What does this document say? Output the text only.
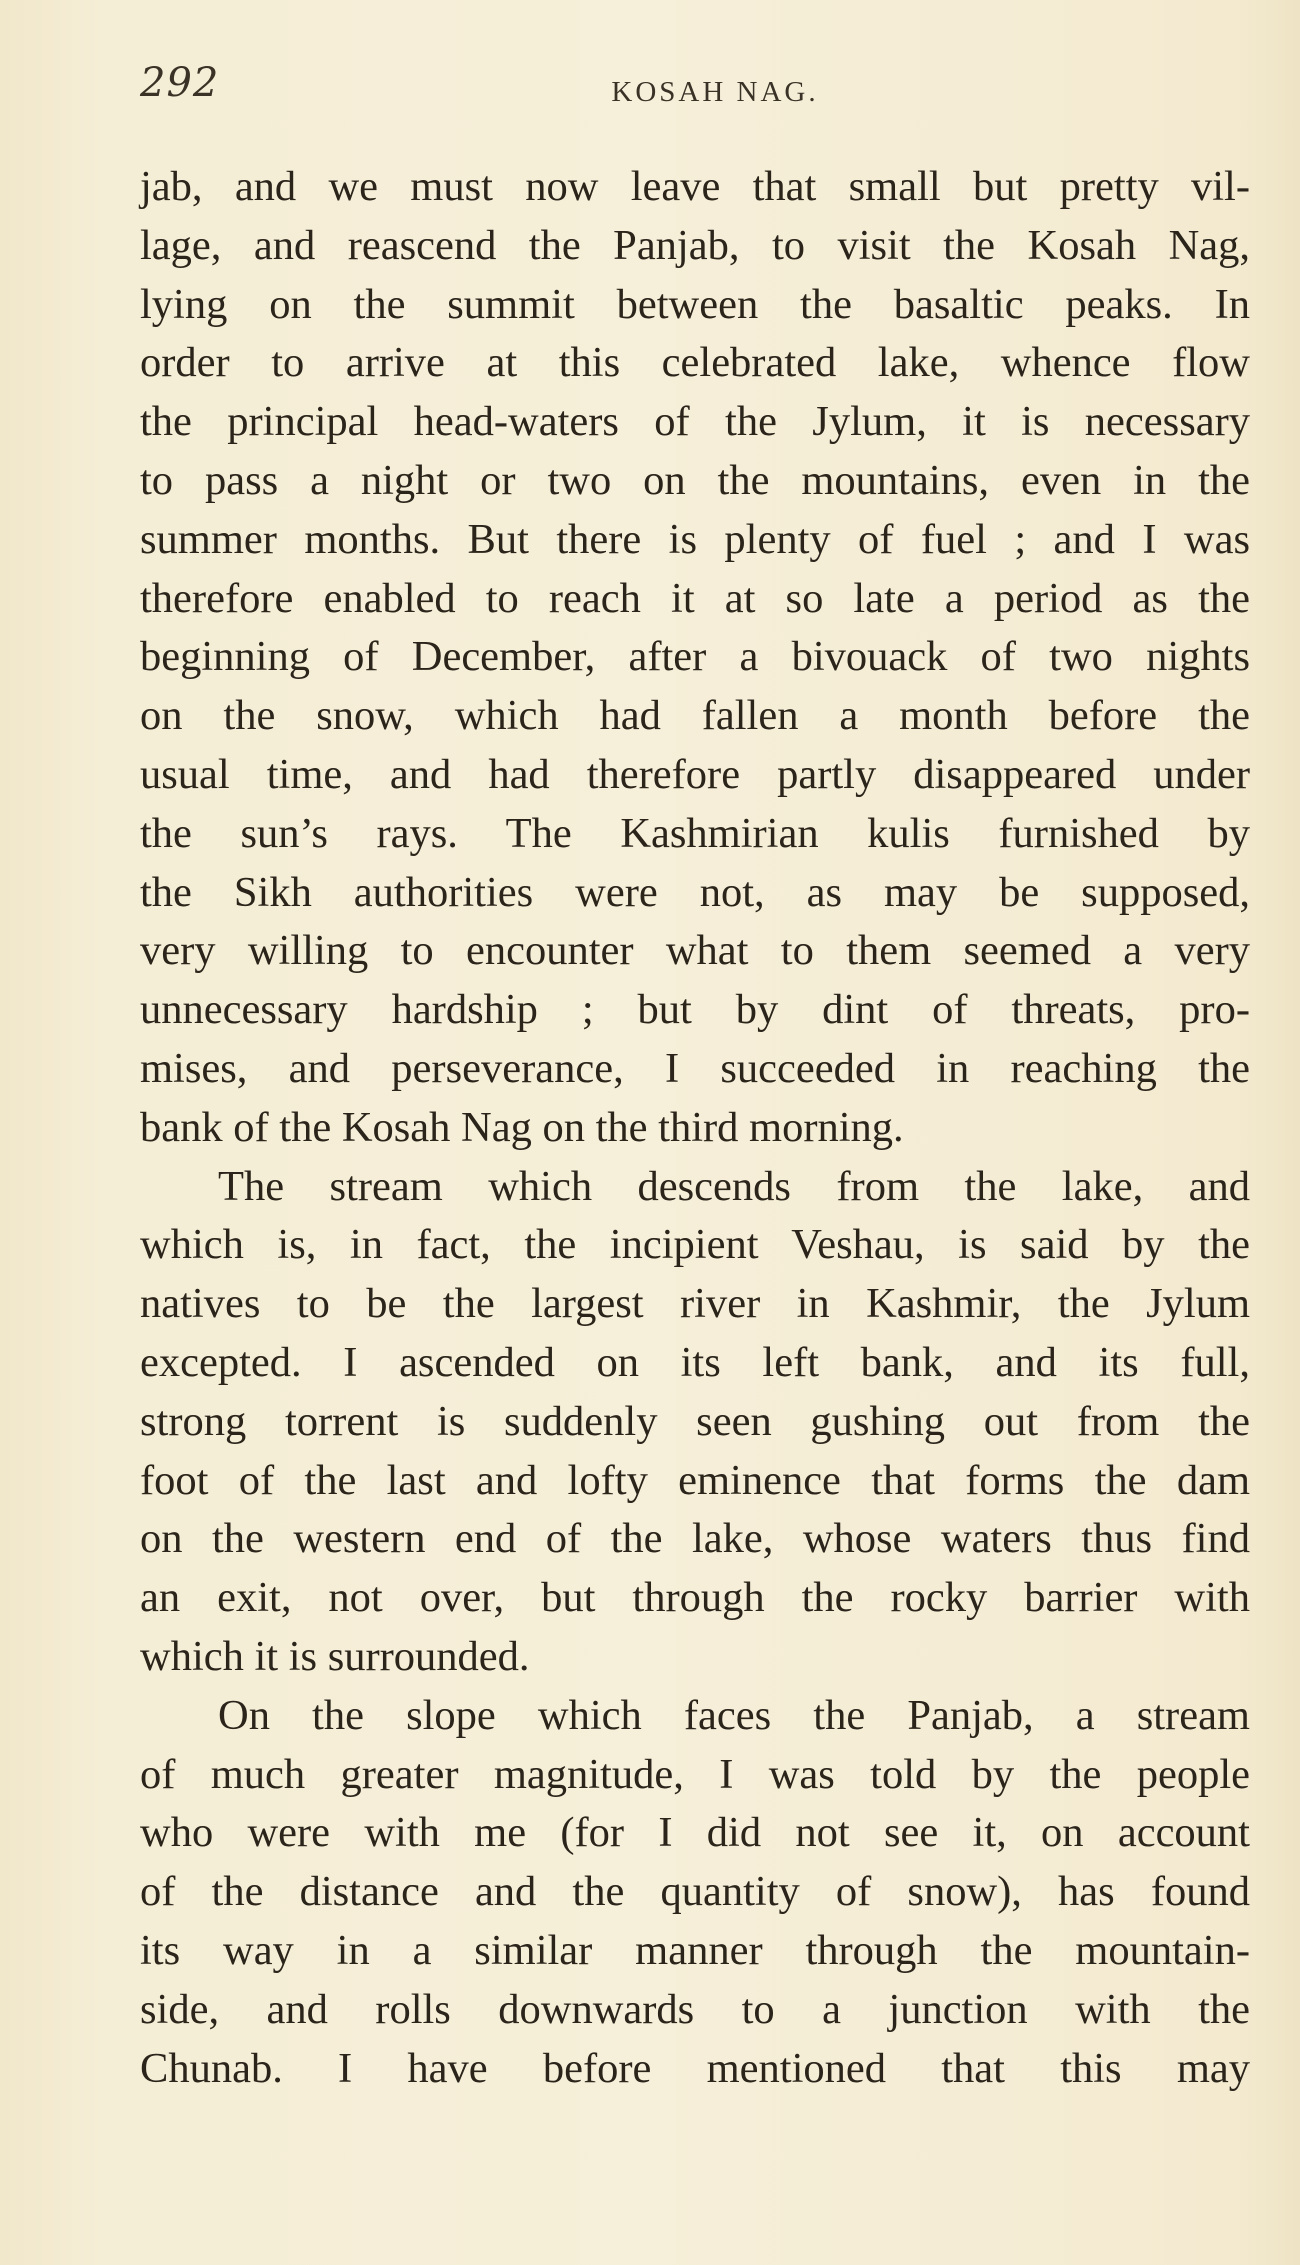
292	KOSAH NAG.
jab, and we must now leave that small but pretty vil-
lage, and reascend the Panjab, to visit the Kosah Nag,
lying on the summit between the basaltic peaks. In
order to arrive at this celebrated lake, whence flow
the principal head-waters of the Jylum, it is necessary
to pass a night or two on the mountains, even in the
summer months. But there is plenty of fuel ; and I was
therefore enabled to reach it at so late a period as the
beginning of December, after a bivouack of two nights
on the snow, which had fallen a month before the
usual time, and had therefore partly disappeared under
the sun’s rays. The Kashmirian kulis furnished by
the Sikh authorities were not, as may be supposed,
very willing to encounter what to them seemed a very
unnecessary hardship ; but by dint of threats, pro-
mises, and perseverance, I succeeded in reaching the
bank of the Kosah Nag on the third morning.
The stream which descends from the lake, and
which is, in fact, the incipient Veshau, is said by the
natives to be the largest river in Kashmir, the Jylum
excepted. I ascended on its left bank, and its full,
strong torrent is suddenly seen gushing out from the
foot of the last and lofty eminence that forms the dam
on the western end of the lake, whose waters thus find
an exit, not over, but through the rocky barrier with
which it is surrounded.
On the slope which faces the Panjab, a stream
of much greater magnitude, I was told by the people
who were with me (for I did not see it, on account
of the distance and the quantity of snow), has found
its way in a similar manner through the mountain-
side, and rolls downwards to a junction with the
Chunab. I have before mentioned that this may
